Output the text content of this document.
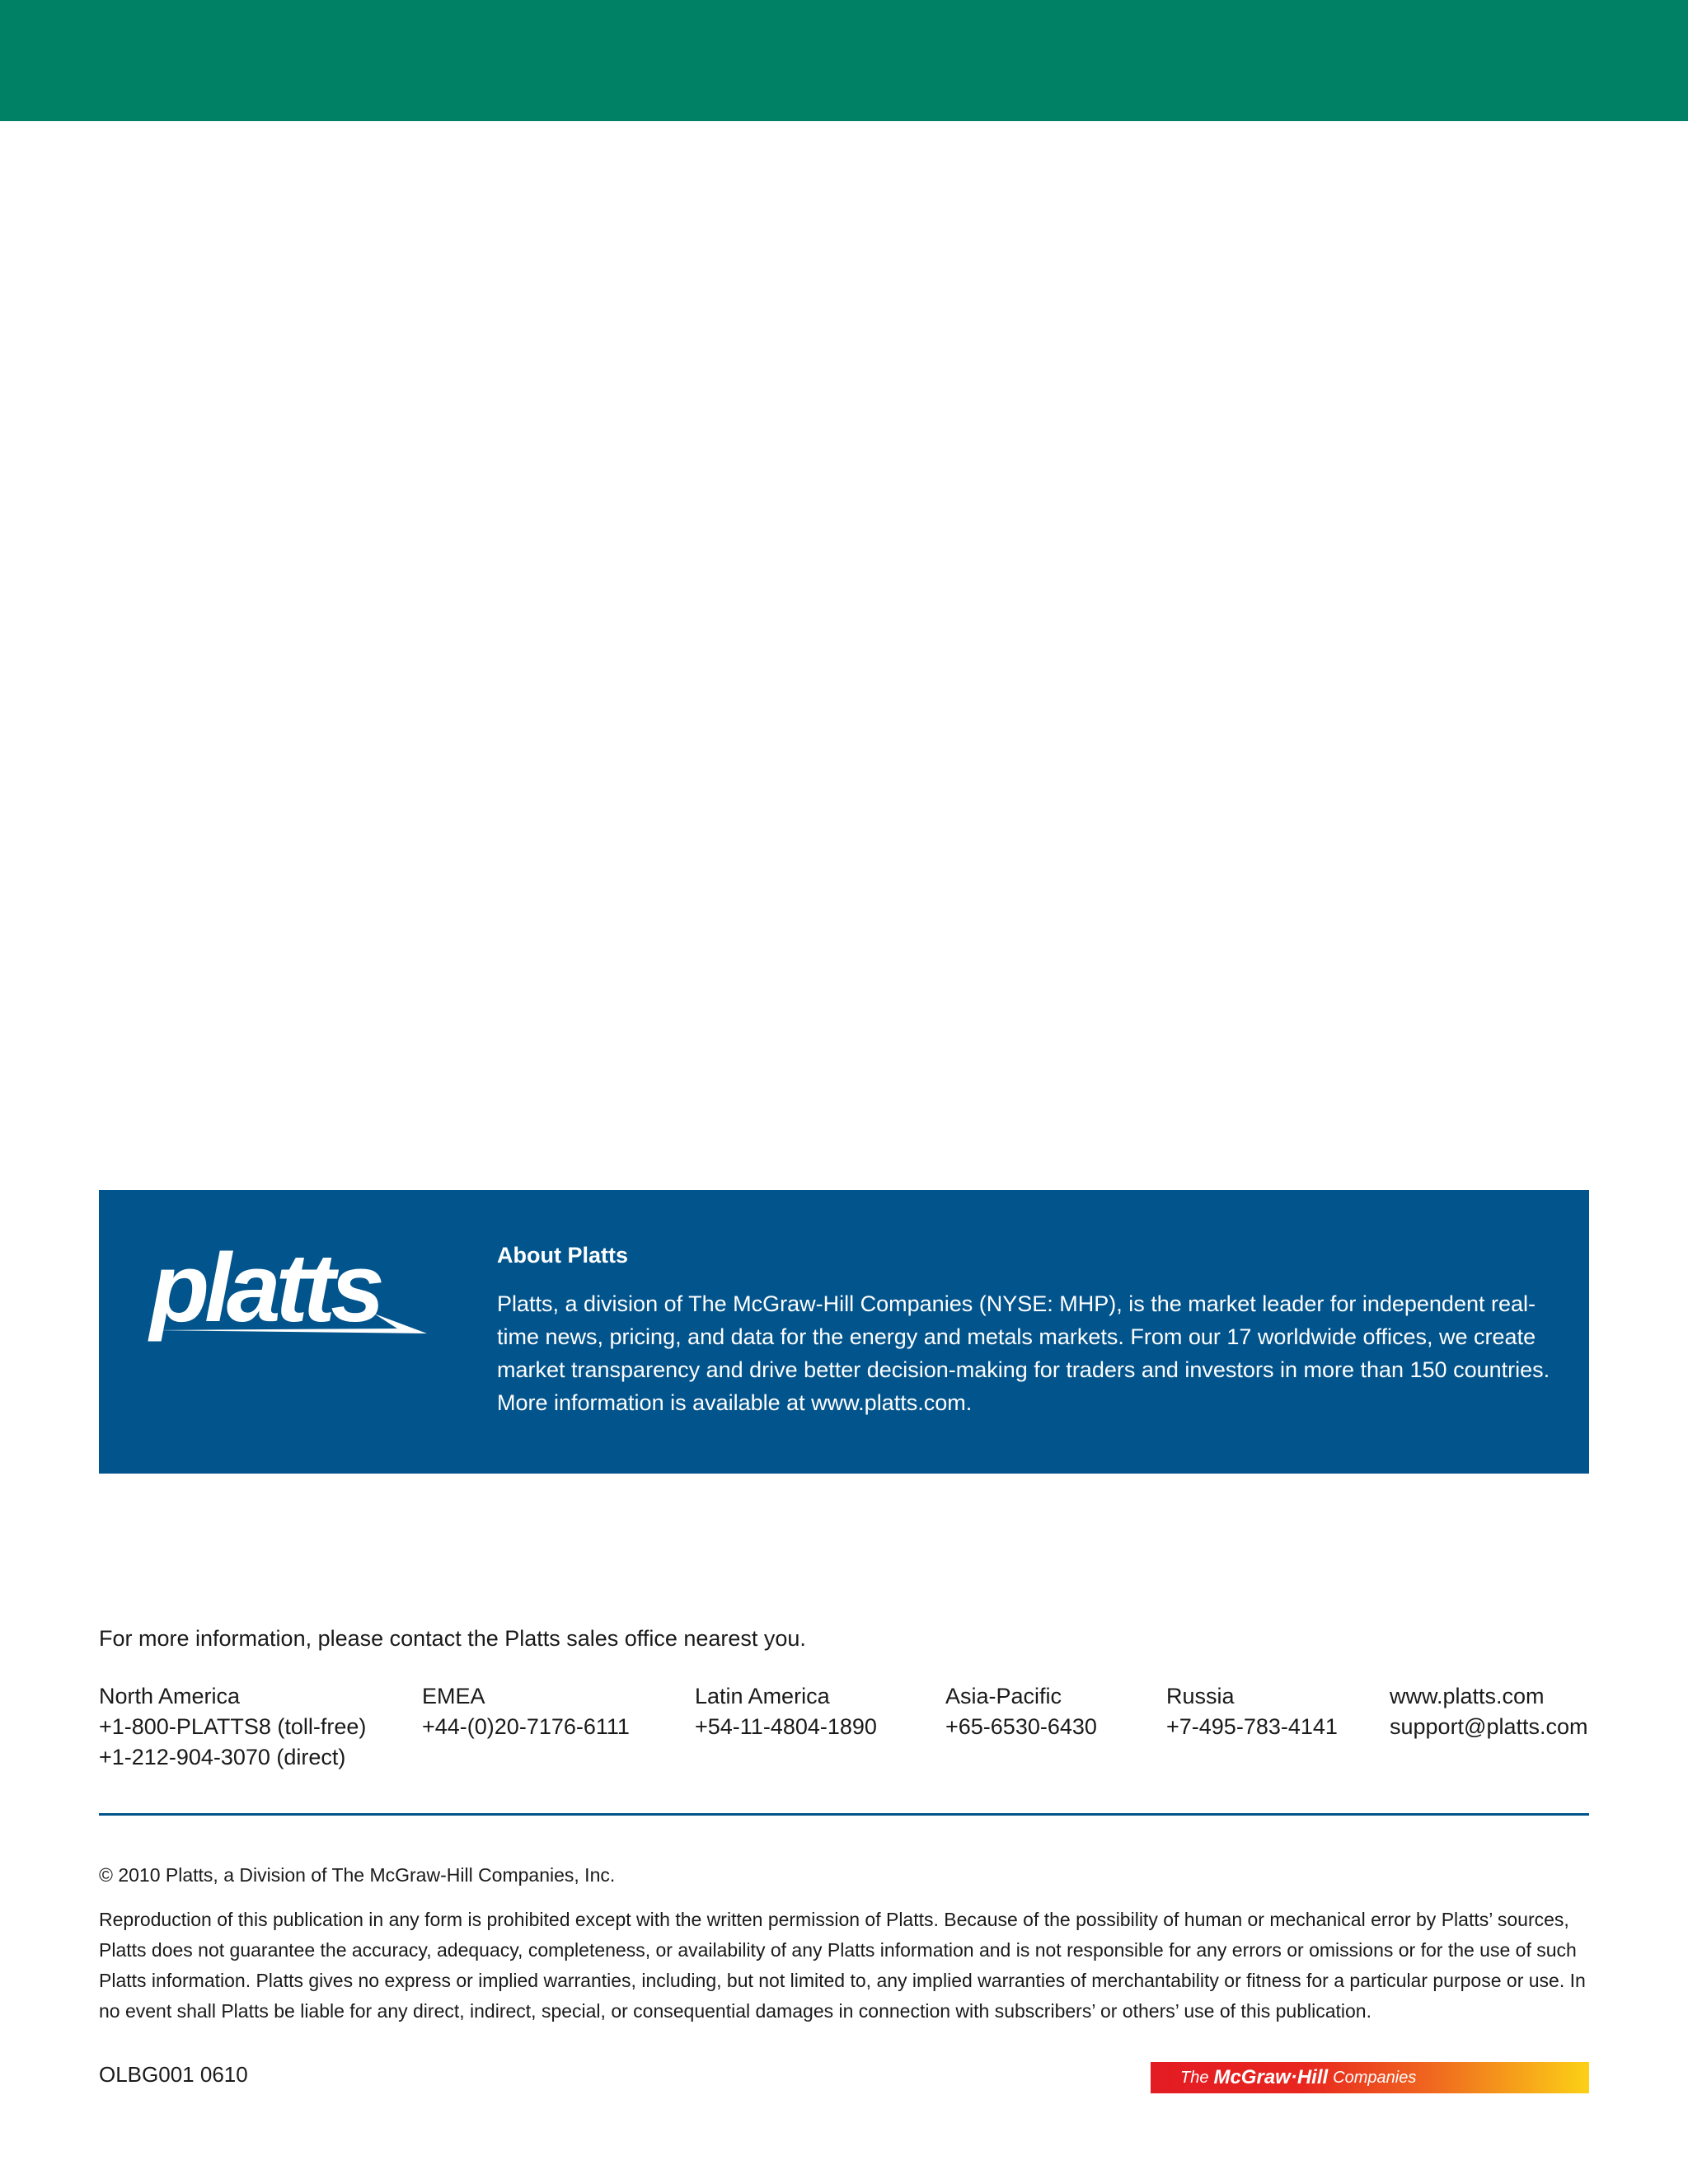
platts	About Platts
Platts, a division of The McGraw-Hill Companies (NYSE: MHP), is the market leader for independent real-time news, pricing, and data for the energy and metals markets. From our 17 worldwide offices, we create market transparency and drive better decision-making for traders and investors in more than 150 countries. More information is available at www.platts.com.
For more information, please contact the Platts sales office nearest you.
North America
+1-800-PLATTS8 (toll-free)
+1-212-904-3070 (direct)
EMEA
+44-(0)20-7176-6111
Latin America
+54-11-4804-1890
Asia-Pacific
+65-6530-6430
Russia
+7-495-783-4141
www.platts.com
support@platts.com
© 2010 Platts, a Division of The McGraw-Hill Companies, Inc.
Reproduction of this publication in any form is prohibited except with the written permission of Platts. Because of the possibility of human or mechanical error by Platts’ sources, Platts does not guarantee the accuracy, adequacy, completeness, or availability of any Platts information and is not responsible for any errors or omissions or for the use of such Platts information. Platts gives no express or implied warranties, including, but not limited to, any implied warranties of merchantability or fitness for a particular purpose or use. In no event shall Platts be liable for any direct, indirect, special, or consequential damages in connection with subscribers’ or others’ use of this publication.
OLBG001 0610	The McGraw·Hill Companies
